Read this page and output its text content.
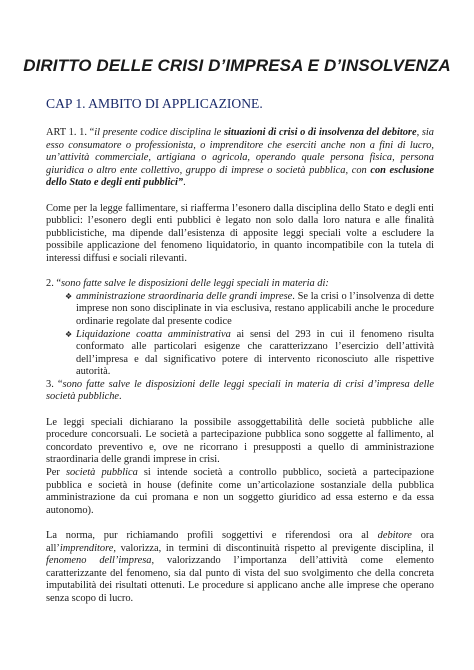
DIRITTO DELLE CRISI D’IMPRESA E D’INSOLVENZA
CAP 1. AMBITO DI APPLICAZIONE.

ART 1. 1. “il presente codice disciplina le situazioni di crisi o di insolvenza del debitore, sia esso consumatore o professionista, o imprenditore che eserciti anche non a fini di lucro, un’attività commerciale, artigiana o agricola, operando quale persona fisica, persona giuridica o altro ente collettivo, gruppo di imprese o società pubblica, con con esclusione dello Stato e degli enti pubblici”.

Come per la legge fallimentare, si riafferma l’esonero dalla disciplina dello Stato e degli enti pubblici: l’esonero degli enti pubblici è legato non solo dalla loro natura e alle finalità pubblicistiche, ma dipende dall’esistenza di apposite leggi speciali volte a escludere la possibile applicazione del fenomeno liquidatorio, in quanto incompatibile con la tutela di interessi diffusi e sociali rilevanti.

2. “sono fatte salve le disposizioni delle leggi speciali in materia di:

❖ amministrazione straordinaria delle grandi imprese. Se la crisi o l’insolvenza di dette imprese non sono disciplinate in via esclusiva, restano applicabili anche le procedure ordinarie regolate dal presente codice
❖ Liquidazione coatta amministrativa ai sensi del 293 in cui il fenomeno risulta conformato alle particolari esigenze che caratterizzano l’esercizio dell’attività dell’impresa e dal significativo potere di intervento riconosciuto alle rispettive autorità.

3. “sono fatte salve le disposizioni delle leggi speciali in materia di crisi d’impresa delle società pubbliche.

Le leggi speciali dichiarano la possibile assoggettabilità delle società pubbliche alle procedure concorsuali. Le società a partecipazione pubblica sono soggette al fallimento, al concordato preventivo e, ove ne ricorrano i presupposti a quello di amministrazione straordinaria delle grandi imprese in crisi.

Per società pubblica si intende società a controllo pubblico, società a partecipazione pubblica e società in house (definite come un’articolazione sostanziale della pubblica amministrazione da cui promana e non un soggetto giuridico ad essa esterno e da essa autonomo).

La norma, pur richiamando profili soggettivi e riferendosi ora al debitore ora all’imprenditore, valorizza, in termini di discontinuità rispetto al previgente disciplina, il fenomeno dell’impresa, valorizzando l’importanza dell’attività come elemento caratterizzante del fenomeno, sia dal punto di vista del suo svolgimento che della concreta imputabilità dei risultati ottenuti. Le procedure si applicano anche alle imprese che operano senza scopo di lucro.
